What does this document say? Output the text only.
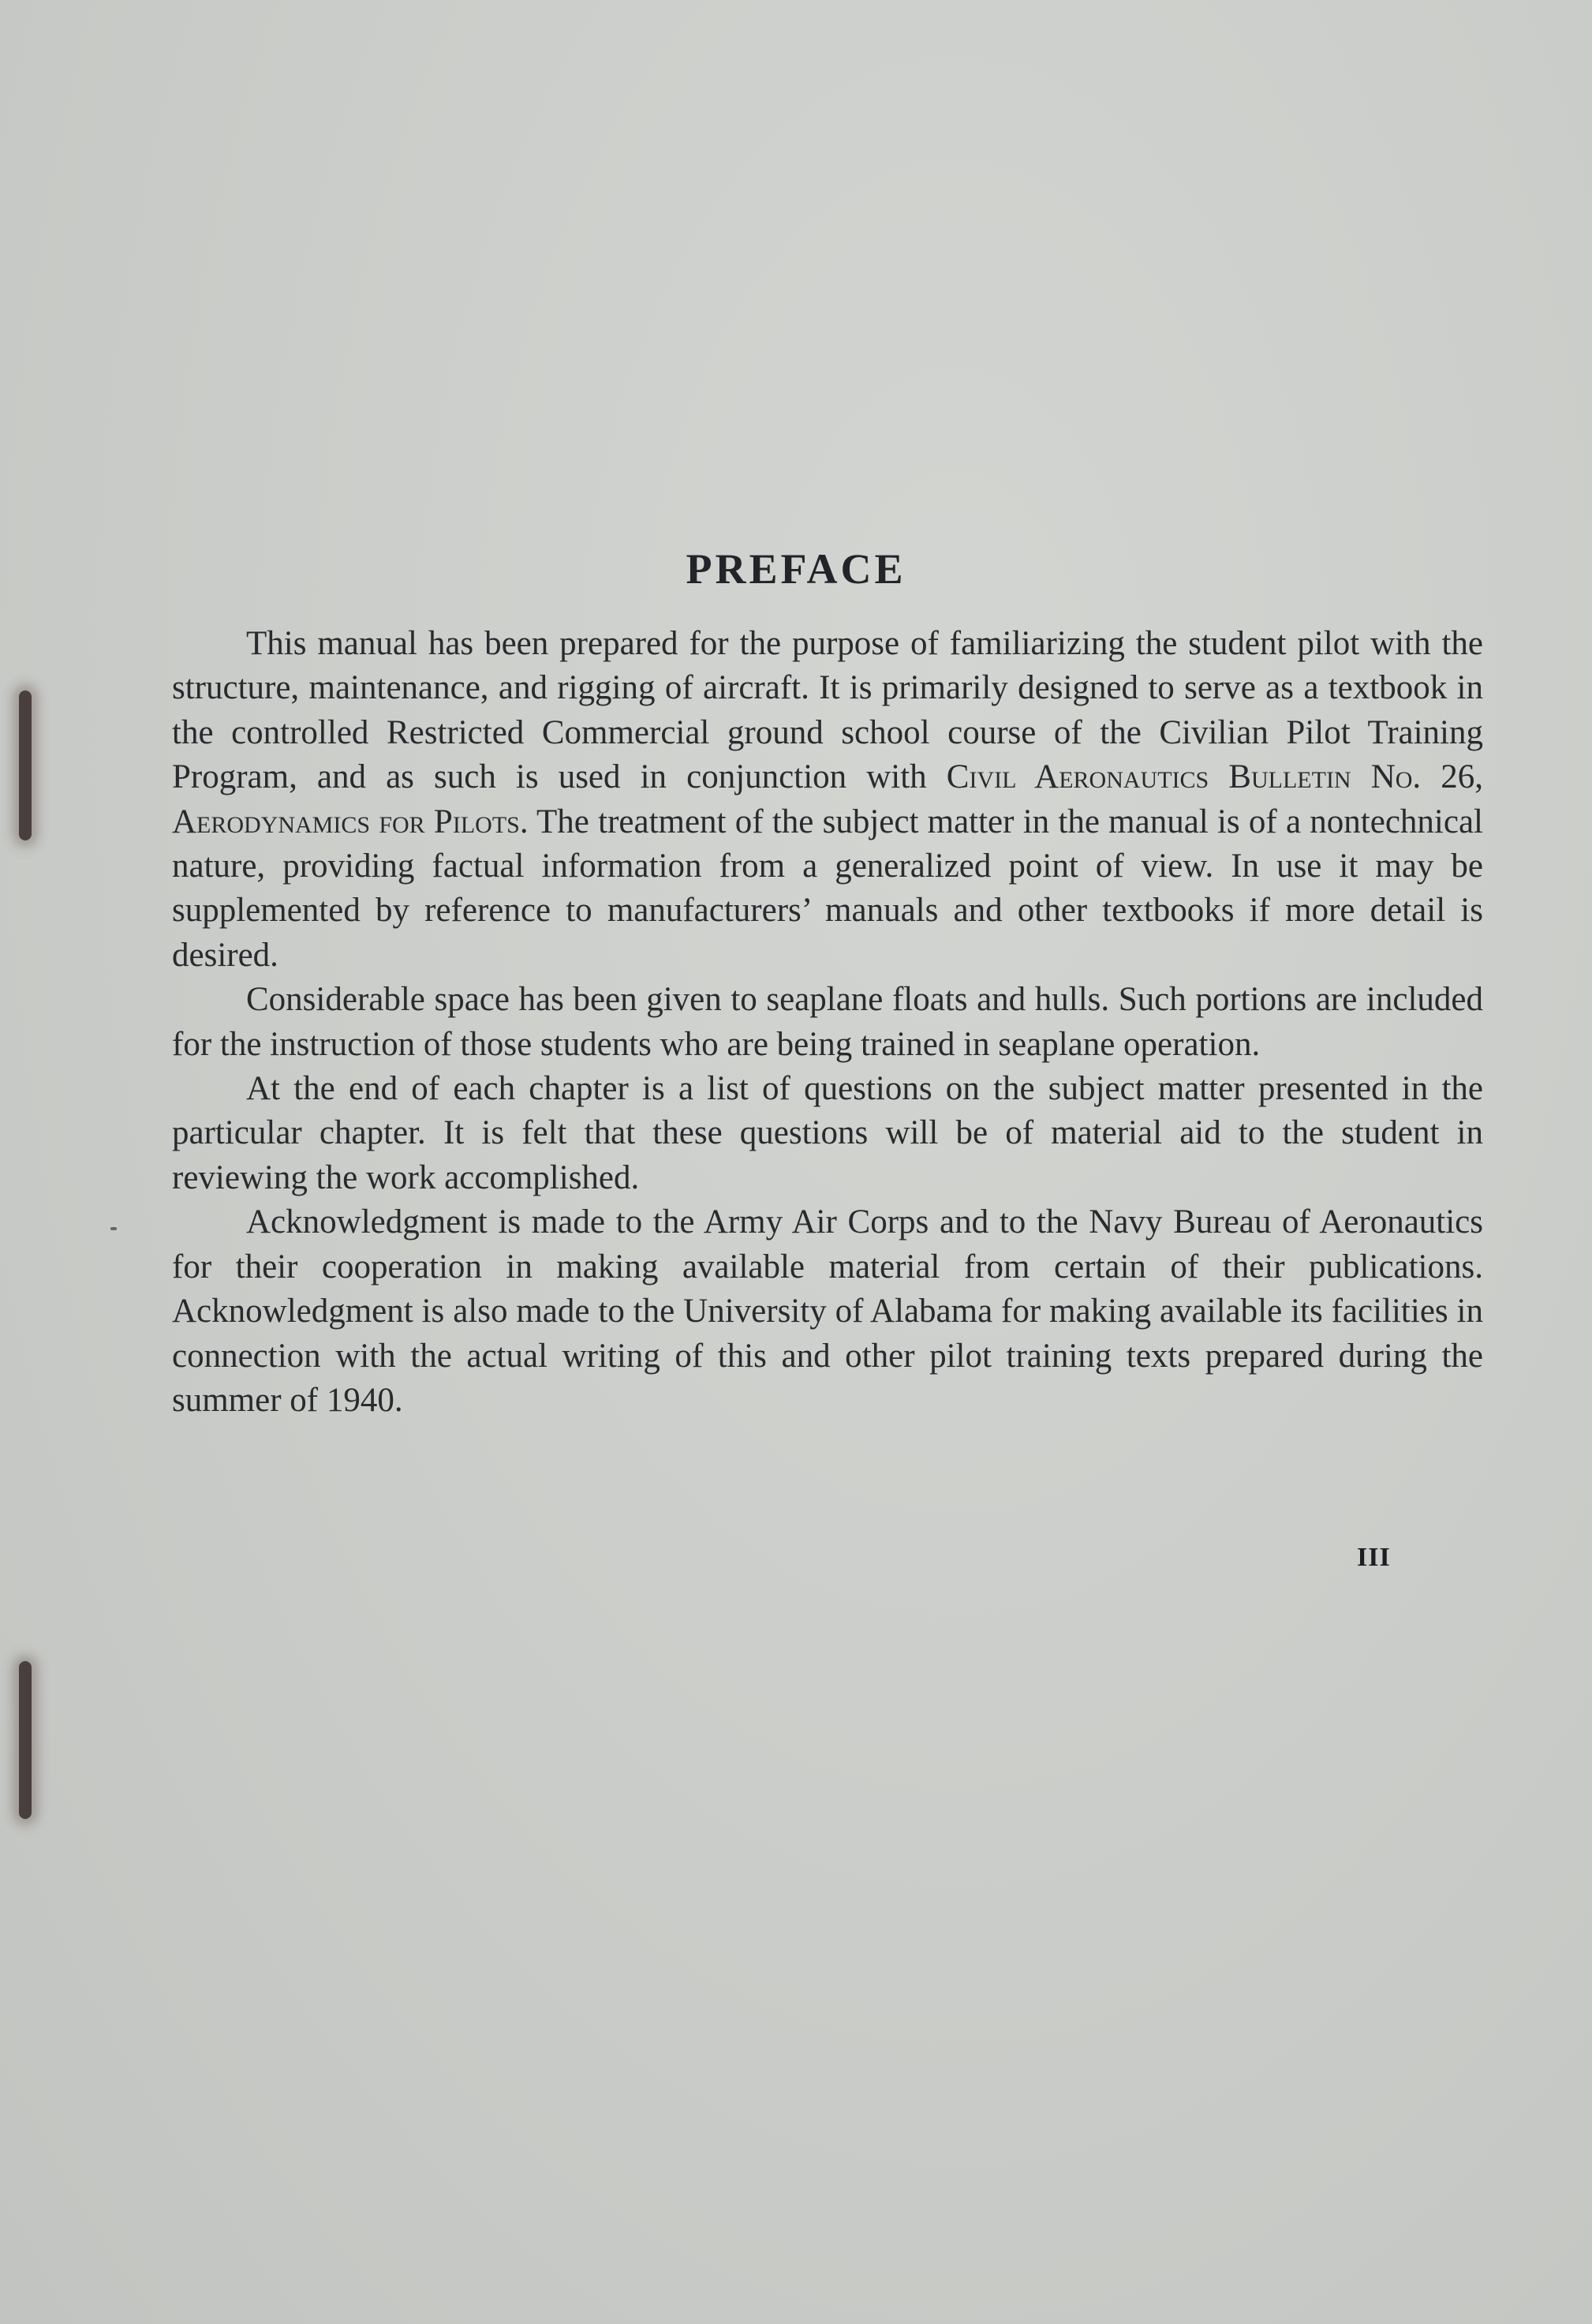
PREFACE

This manual has been prepared for the purpose of familiarizing the student pilot with the structure, maintenance, and rigging of aircraft. It is primarily designed to serve as a textbook in the controlled Restricted Commercial ground school course of the Civilian Pilot Training Program, and as such is used in conjunction with Civil Aeronautics Bulletin No. 26, Aerodynamics for Pilots. The treatment of the subject matter in the manual is of a nontechnical nature, providing factual information from a generalized point of view. In use it may be supplemented by reference to manufacturers’ manuals and other textbooks if more detail is desired.

Considerable space has been given to seaplane floats and hulls. Such portions are included for the instruction of those students who are being trained in seaplane operation.

At the end of each chapter is a list of questions on the subject matter presented in the particular chapter. It is felt that these questions will be of material aid to the student in reviewing the work accomplished.

Acknowledgment is made to the Army Air Corps and to the Navy Bureau of Aeronautics for their cooperation in making available material from certain of their publications. Acknowledgment is also made to the University of Alabama for making available its facilities in connection with the actual writing of this and other pilot training texts prepared during the summer of 1940.

III
